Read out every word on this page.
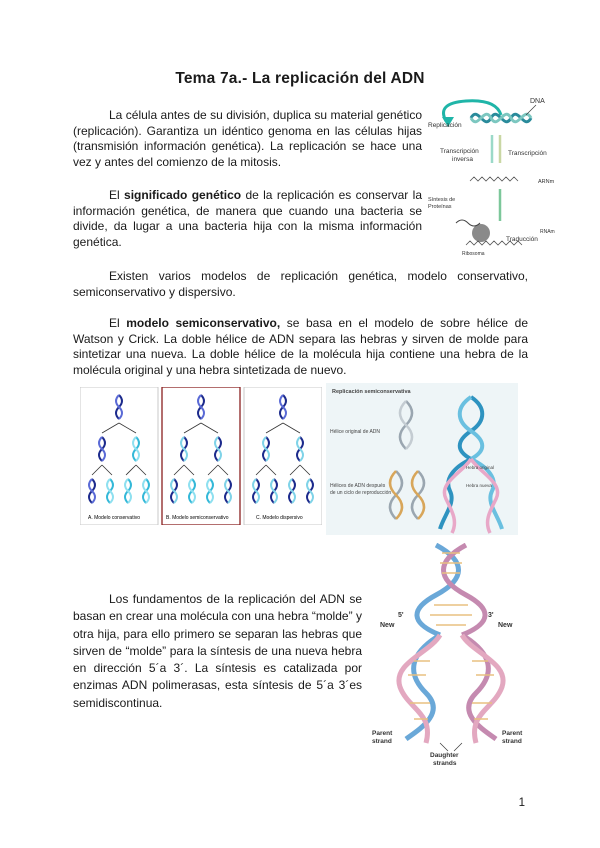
Tema 7a.- La replicación del ADN

La célula antes de su división, duplica su material genético (replicación). Garantiza un idéntico genoma en las células hijas (transmisión información genética). La replicación se hace una vez y antes del comienzo de la mitosis.

El significado genético de la replicación es conservar la información genética, de manera que cuando una bacteria se divide, da lugar a una bacteria hija con la misma información genética.

Existen varios modelos de replicación genética, modelo conservativo, semiconservativo y dispersivo.

El modelo semiconservativo, se basa en el modelo de sobre hélice de Watson y Crick. La doble hélice de ADN separa las hebras y sirven de molde para sintetizar una nueva. La doble hélice de la molécula hija contiene una hebra de la molécula original y una hebra sintetizada de nuevo.

Los fundamentos de la replicación del ADN se basan en crear una molécula con una hebra “molde” y otra hija, para ello primero se separan las hebras que sirven de “molde” para la síntesis de una nueva hebra en dirección 5´a 3´. La síntesis es catalizada por enzimas ADN polimerasas, esta síntesis de 5´a 3´es semidiscontinua.

DNA
Replicación
Transcripción inversa
Transcripción
ARNm
Síntesis de Proteínas
Traducción
RNAm
Ribosoma
A. Modelo conservativo	B. Modelo semiconservativo	C. Modelo dispersivo
Replicación semiconservativa
Hélice original de ADN
Hélices de ADN después de un ciclo de reproducción
Hebra original
Hebra nueva
New
5'	3'
New
Parent strand
Parent strand
Daughter strands
1
